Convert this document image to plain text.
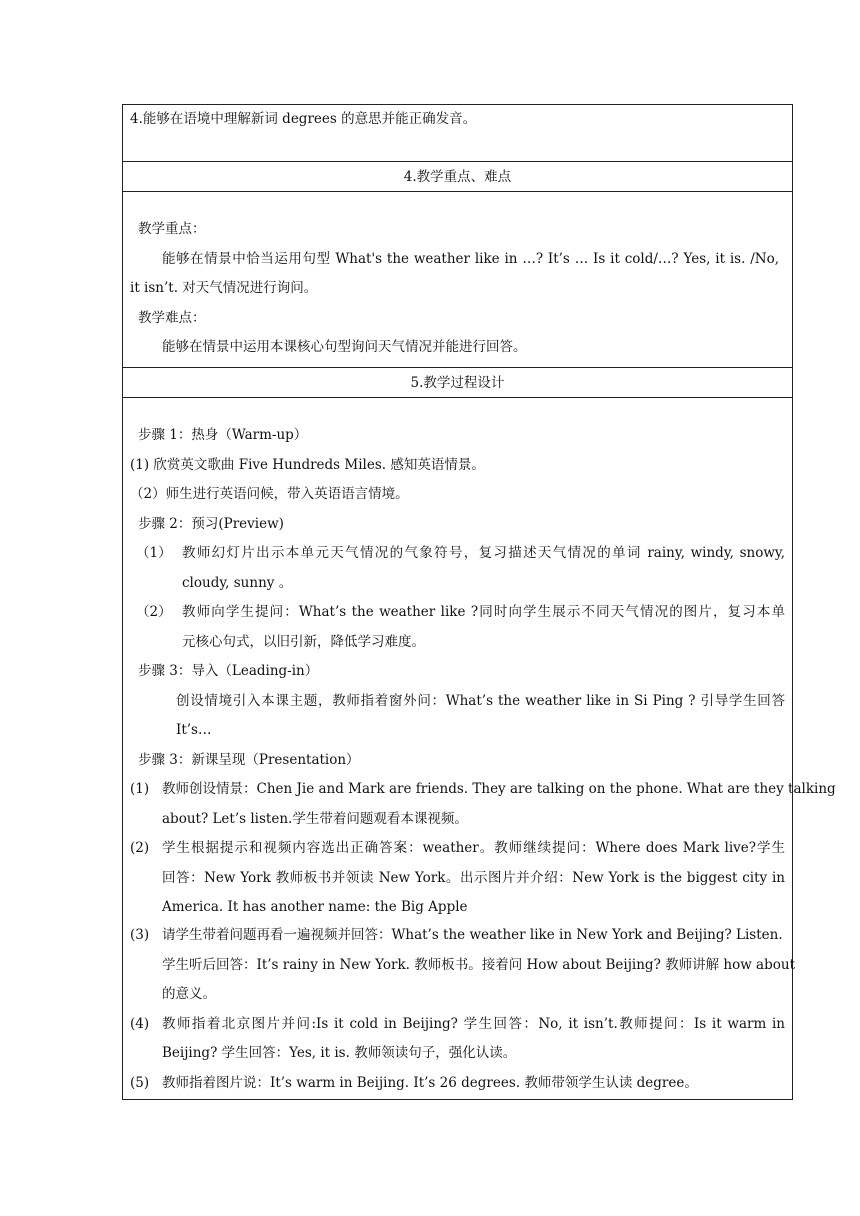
4.能够在语境中理解新词 degrees 的意思并能正确发音。

4.教学重点、难点

教学重点：

能够在情景中恰当运用句型 What's the weather like in …? It’s … Is it cold/…? Yes, it is. /No,

it isn’t. 对天气情况进行询问。

教学难点：

能够在情景中运用本课核心句型询问天气情况并能进行回答。

5.教学过程设计

步骤 1：热身（Warm-up）

(1) 欣赏英文歌曲 Five Hundreds Miles. 感知英语情景。

（2）师生进行英语问候，带入英语语言情境。

步骤 2：预习(Preview)

（1） 教师幻灯片出示本单元天气情况的气象符号，复习描述天气情况的单词 rainy, windy, snowy,

cloudy, sunny 。

（2） 教师向学生提问：What’s the weather like ?同时向学生展示不同天气情况的图片，复习本单

元核心句式，以旧引新，降低学习难度。

步骤 3：导入（Leading-in）

创设情境引入本课主题，教师指着窗外问：What’s the weather like in Si Ping ? 引导学生回答

It’s…

步骤 3：新课呈现（Presentation）

(1) 教师创设情景：Chen Jie and Mark are friends. They are talking on the phone. What are they talking

about? Let’s listen.学生带着问题观看本课视频。

(2) 学生根据提示和视频内容选出正确答案：weather。教师继续提问：Where does Mark live?学生

回答：New York 教师板书并领读 New York。出示图片并介绍：New York is the biggest city in

America. It has another name: the Big Apple

(3) 请学生带着问题再看一遍视频并回答：What’s the weather like in New York and Beijing? Listen.

学生听后回答：It’s rainy in New York. 教师板书。接着问 How about Beijing? 教师讲解 how about

的意义。

(4) 教师指着北京图片并问:Is it cold in Beijing? 学生回答：No, it isn’t.教师提问：Is it warm in

Beijing? 学生回答：Yes, it is. 教师领读句子，强化认读。

(5) 教师指着图片说：It’s warm in Beijing. It’s 26 degrees. 教师带领学生认读 degree。
